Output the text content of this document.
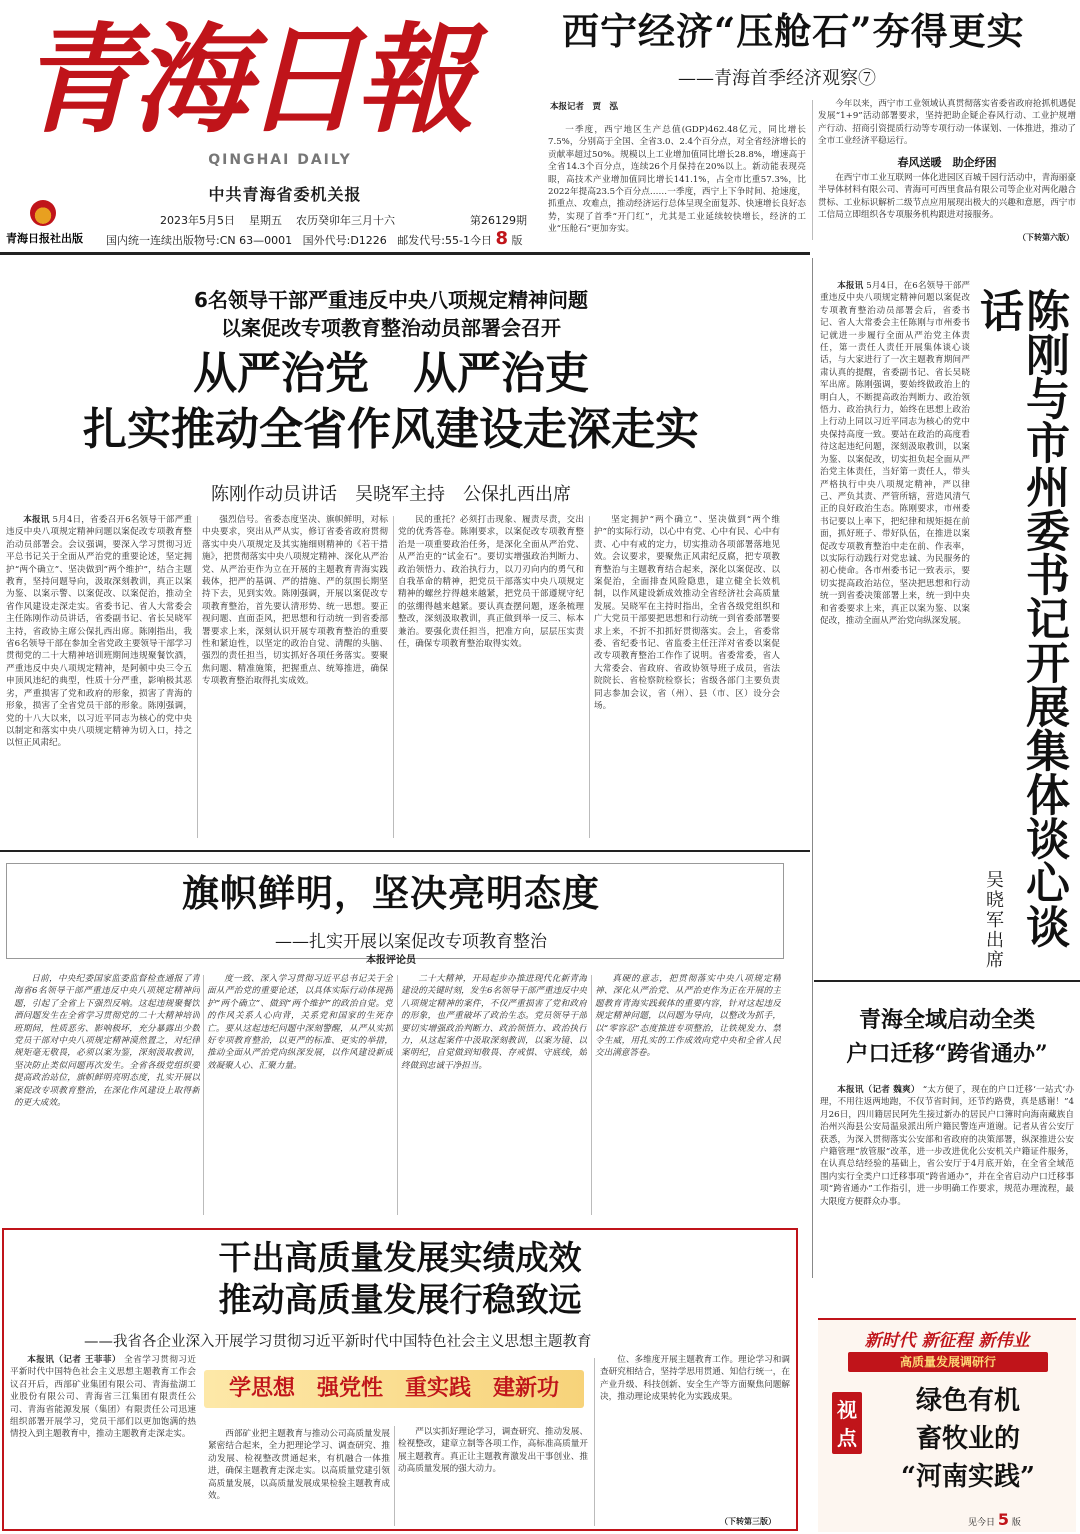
青海日報
QINGHAI DAILY
中共青海省委机关报
青海日报社出版
2023年5月5日 星期五 农历癸卯年三月十六	第26129期
国内统一连续出版物号:CN 63—0001 国外代号:D1226 邮发代号:55-1 今日 8 版
西宁经济“压舱石”夯得更实
——青海首季经济观察⑦
本报记者　贾　泓

一季度，西宁地区生产总值(GDP)462.48亿元，同比增长7.5%，分别高于全国、全省3.0、2.4个百分点，对全省经济增长的贡献率超过50%。规模以上工业增加值同比增长28.8%，增速高于全省14.3个百分点，连续26个月保持在20%以上。新动能表现亮眼，高技术产业增加值同比增长141.1%，占全市比重57.3%，比2022年提高23.5个百分点……一季度，西宁上下争时间、抢速度，抓重点、攻难点，推动经济运行总体呈现全面复苏、快速增长良好态势，实现了首季“开门红”，尤其是工业延续较快增长，经济的工业“压舱石”更加夯实。

今年以来，西宁市工业领域认真贯彻落实省委省政府抢抓机遇促发展“1+9”活动部署要求，坚持把助企疑企春风行动、工业护规增产行动、招商引资提质行动等专项行动一体谋划、一体推进，推动了全市工业经济平稳运行。

春风送暖　助企纾困

在西宁市工业互联网一体化进园区百城千园行活动中，青海丽豪半导体材料有限公司、青海可可西里食品有限公司等企业对两化融合贯标、工业标识解析二级节点应用展现出极大的兴趣和意愿，西宁市工信局立即组织各专项服务机构跟进对接服务。

（下转第六版）
6名领导干部严重违反中央八项规定精神问题
以案促改专项教育整治动员部署会召开
从严治党　从严治吏
扎实推动全省作风建设走深走实
陈刚作动员讲话　吴晓军主持　公保扎西出席

本报讯 5月4日，省委召开6名领导干部严重违反中央八项规定精神问题以案促改专项教育整治动员部署会。会议强调，要深入学习贯彻习近平总书记关于全面从严治党的重要论述，坚定拥护“两个确立”、坚决做到“两个维护”，结合主题教育，坚持问题导向，汲取深刻教训，真正以案为鉴、以案示警、以案促改、以案促治，推动全省作风建设走深走实。省委书记、省人大常委会主任陈刚作动员讲话，省委副书记、省长吴晓军主持，省政协主席公保扎西出席。陈刚指出，我省6名领导干部在参加全省党政主要领导干部学习贯彻党的二十大精神培训班期间违规聚餐饮酒，严重违反中央八项规定精神，是阿顿中央三令五申顶风违纪的典型，性质十分严重，影响极其恶劣，严重损害了党和政府的形象，损害了青海的形象，损害了全省党员干部的形象。陈刚强调，党的十八大以来，以习近平同志为核心的党中央以制定和落实中央八项规定精神为切入口，持之以恒正风肃纪。

强烈信号。省委态度坚决、旗帜鲜明，对标中央要求，突出从严从实，修订省委省政府贯彻落实中央八项规定及其实施细则精神的《若干措施》，把贯彻落实中央八项规定精神、深化从严治党、从严治吏作为立在开展的主题教育青海实践载体，把严的基调、严的措施、严的氛围长期坚持下去，见到实效。陈刚强调，开展以案促改专项教育整治，首先要认清形势、统一思想。要正视问题、直面歪风，把思想和行动统一到省委部署要求上来，深刻认识开展专项教育整治的重要性和紧迫性，以坚定的政治自觉、清醒的头脑、强烈的责任担当，切实抓好各项任务落实。要聚焦问题、精准施策，把握重点、统筹推进，确保专项教育整治取得扎实成效。

民的重托？必须打击现象、履责尽责，交出党的优秀答卷。陈刚要求，以案促改专项教育整治是一项重要政治任务，是深化全面从严治党、从严治吏的“试金石”。要切实增强政治判断力、政治领悟力、政治执行力，以刀刃向内的勇气和自我革命的精神，把党员干部落实中央八项规定精神的螺丝拧得越来越紧，把党员干部遵规守纪的弦绷得越来越紧。要认真查摆问题，逐条梳理整改，深刻汲取教训，真正做到举一反三、标本兼治。要强化责任担当，把准方向，层层压实责任，确保专项教育整治取得实效。

坚定拥护“两个确立”、坚决做到“两个维护”的实际行动，以心中有党、心中有民、心中有责、心中有戒的定力，切实推动各项部署落地见效。会议要求，要聚焦正风肃纪反腐，把专项教育整治与主题教育结合起来，深化以案促改、以案促治，全面排查风险隐患，建立健全长效机制，以作风建设新成效推动全省经济社会高质量发展。吴晓军在主持时指出，全省各级党组织和广大党员干部要把思想和行动统一到省委部署要求上来，不折不扣抓好贯彻落实。会上，省委常委、省纪委书记、省监委主任汪洋对省委以案促改专项教育整治工作作了说明。省委常委，省人大常委会、省政府、省政协领导班子成员，省法院院长、省检察院检察长；省级各部门主要负责同志参加会议，省（州）、县（市、区）设分会场。

旗帜鲜明，坚决亮明态度
——扎实开展以案促改专项教育整治
本报评论员

日前，中央纪委国家监委监督检查通报了青海省6名领导干部严重违反中央八项规定精神问题，引起了全省上下强烈反响。这起违规聚餐饮酒问题发生在全省学习贯彻党的二十大精神培训班期间，性质恶劣、影响极坏，充分暴露出少数党员干部对中央八项规定精神漠然置之，对纪律规矩毫无敬畏，必须以案为鉴，深刻汲取教训，坚决防止类似问题再次发生。全省各级党组织要提高政治站位，旗帜鲜明亮明态度，扎实开展以案促改专项教育整治，在深化作风建设上取得新的更大成效。

度一致、深入学习贯彻习近平总书记关于全面从严治党的重要论述，以具体实际行动体现拥护“两个确立”、做到“两个维护”的政治自觉。党的作风关系人心向背，关系党和国家的生死存亡。要从这起违纪问题中深刻警醒，从严从实抓好专项教育整治，以更严的标准、更实的举措，推动全面从严治党向纵深发展，以作风建设新成效凝聚人心、汇聚力量。

二十大精神，开局起步办推进现代化新青海建设的关键时刻，发生6名领导干部严重违反中央八项规定精神的案件，不仅严重损害了党和政府的形象，也严重破坏了政治生态。党员领导干部要切实增强政治判断力、政治领悟力、政治执行力，从这起案件中汲取深刻教训，以案为镜、以案明纪，自觉做到知敬畏、存戒惧、守底线，始终做到忠诚干净担当。

真硬的意志，把贯彻落实中央八项规定精神、深化从严治党、从严治吏作为正在开展的主题教育青海实践载体的重要内容，针对这起违反规定精神问题，以问题为导向，以整改为抓手，以“零容忍”态度推进专项整治，让铁规发力、禁令生威，用扎实的工作成效向党中央和全省人民交出满意答卷。

干出高质量发展实绩成效
推动高质量发展行稳致远
——我省各企业深入开展学习贯彻习近平新时代中国特色社会主义思想主题教育

本报讯（记者 王菲菲） 全省学习贯彻习近平新时代中国特色社会主义思想主题教育工作会议召开后，西部矿业集团有限公司、青海盐湖工业股份有限公司、青海省三江集团有限责任公司、青海省能源发展（集团）有限责任公司迅速组织部署开展学习，党员干部们以更加饱满的热情投入到主题教育中，推动主题教育走深走实。

学思想　强党性　重实践　建新功

西部矿业把主题教育与推动公司高质量发展紧密结合起来，全力把理论学习、调查研究、推动发展、检视整改贯通起来，有机融合一体推进，确保主题教育走深走实。以高质量党建引领高质量发展，以高质量发展成果检验主题教育成效。

严以实抓好理论学习，调查研究、推动发展、检视整改，建章立制等各项工作，高标准高质量开展主题教育。真正让主题教育激发出干事创业、推动高质量发展的强大动力。

位、多维度开展主题教育工作。理论学习和调查研究相结合，坚持学思用贯通、知信行统一，在产业升级、科技创新、安全生产等方面聚焦问题解决，推动理论成果转化为实践成果。

（下转第三版）

本报讯 5月4日，在6名领导干部严重违反中央八项规定精神问题以案促改专项教育整治动员部署会后，省委书记、省人大常委会主任陈刚与市州委书记就进一步履行全面从严治党主体责任，第一责任人责任开展集体谈心谈话，与大家进行了一次主题教育期间严肃认真的提醒，省委副书记、省长吴晓军出席。陈刚强调，要始终做政治上的明白人，不断提高政治判断力、政治领悟力、政治执行力，始终在思想上政治上行动上同以习近平同志为核心的党中央保持高度一致。要站在政治的高度看待这起违纪问题，深刻汲取教训，以案为鉴、以案促改，切实担负起全面从严治党主体责任，当好第一责任人，带头严格执行中央八项规定精神，严以律己、严负其责、严管所辖，营造风清气正的良好政治生态。陈刚要求，市州委书记要以上率下，把纪律和规矩挺在前面，抓好班子、带好队伍，在推进以案促改专项教育整治中走在前、作表率，以实际行动践行对党忠诚、为民服务的初心使命。各市州委书记一致表示，要切实提高政治站位，坚决把思想和行动统一到省委决策部署上来，统一到中央和省委要求上来，真正以案为鉴、以案促改，推动全面从严治党向纵深发展。 陈刚与市州委书记开展集体谈心谈话
吴晓军出席
青海全域启动全类
户口迁移“跨省通办”

本报讯（记者 魏爽） “太方便了，现在的户口迁移‘一站式’办理，不用往返两地跑，不仅节省时间，还节约路费，真是感谢！”4月26日，四川籍居民阿先生接过新办的居民户口簿时向海南藏族自治州兴海县公安局温泉派出所户籍民警连声道谢。记者从省公安厅获悉，为深入贯彻落实公安部和省政府的决策部署，纵深推进公安户籍管理“放管服”改革，进一步改进优化公安机关户籍证件服务，在认真总结经验的基础上，省公安厅于4月底开始，在全省全域范围内实行全类户口迁移事项“跨省通办”，并在全省启动户口迁移事项“跨省通办”工作指引，进一步明确工作要求，规范办理流程，最大限度方便群众办事。

新时代 新征程 新伟业
高质量发展调研行
视
点
绿色有机
畜牧业的
“河南实践”
见今日 5 版
